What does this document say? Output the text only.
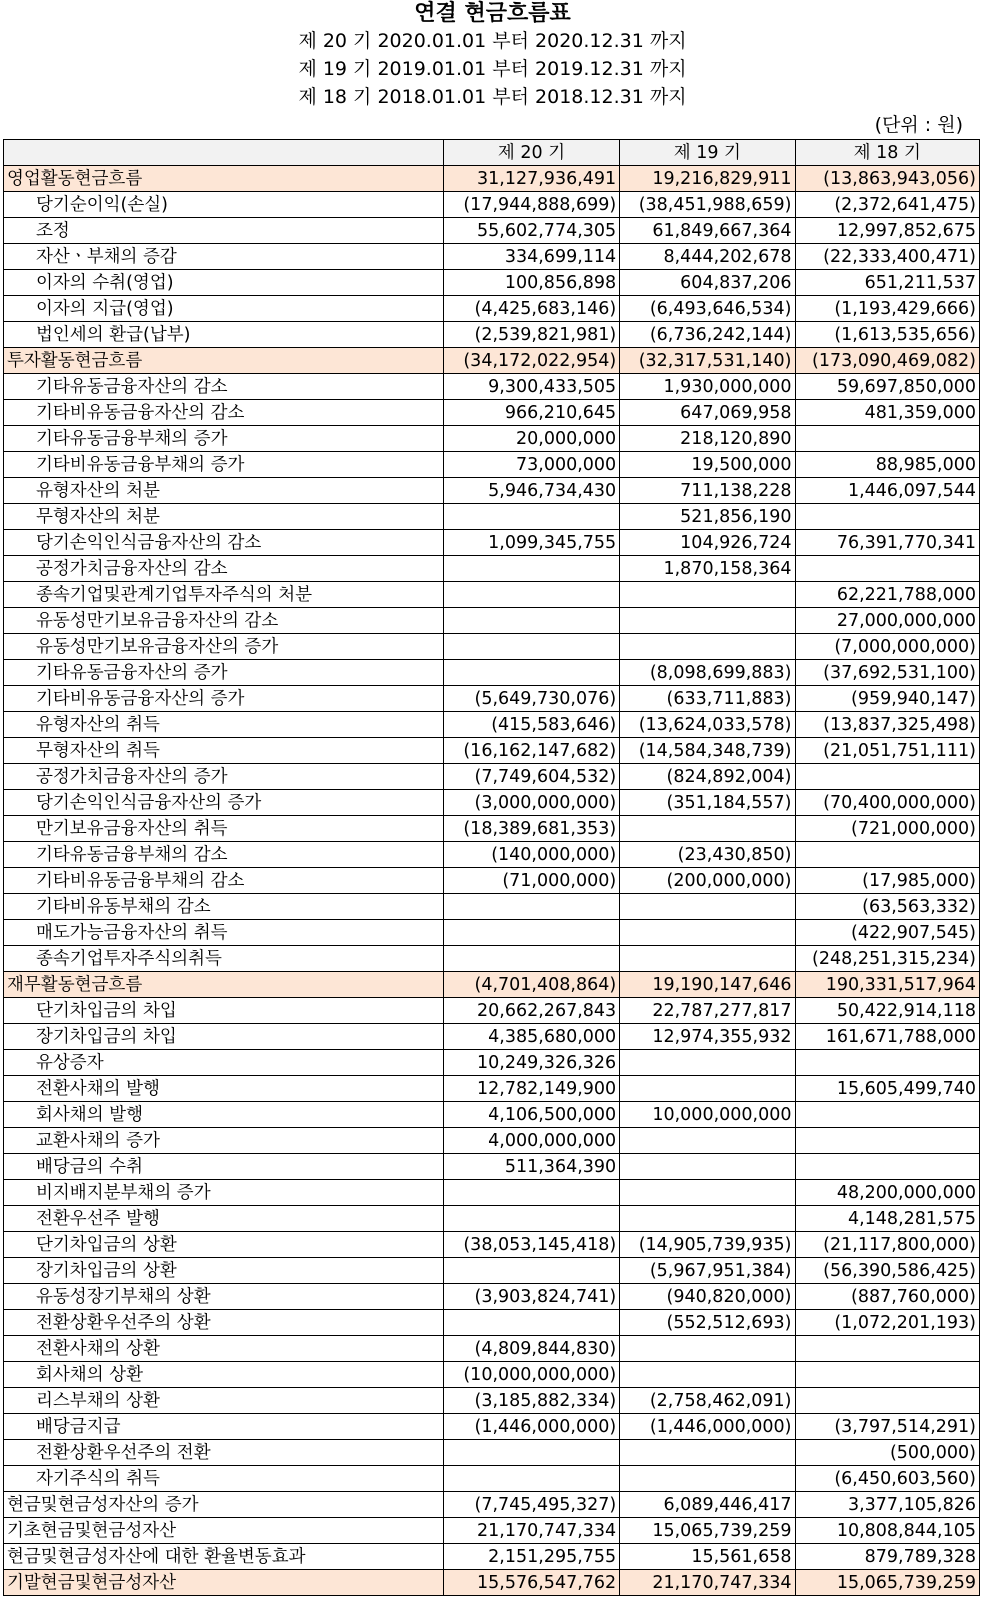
연결 현금흐름표
제 20 기 2020.01.01 부터 2020.12.31 까지
제 19 기 2019.01.01 부터 2019.12.31 까지
제 18 기 2018.01.01 부터 2018.12.31 까지
(단위 : 원)
	제 20 기	제 19 기	제 18 기
영업활동현금흐름	31,127,936,491	19,216,829,911	(13,863,943,056)
당기순이익(손실)	(17,944,888,699)	(38,451,988,659)	(2,372,641,475)
조정	55,602,774,305	61,849,667,364	12,997,852,675
자산ㆍ부채의 증감	334,699,114	8,444,202,678	(22,333,400,471)
이자의 수취(영업)	100,856,898	604,837,206	651,211,537
이자의 지급(영업)	(4,425,683,146)	(6,493,646,534)	(1,193,429,666)
법인세의 환급(납부)	(2,539,821,981)	(6,736,242,144)	(1,613,535,656)
투자활동현금흐름	(34,172,022,954)	(32,317,531,140)	(173,090,469,082)
기타유동금융자산의 감소	9,300,433,505	1,930,000,000	59,697,850,000
기타비유동금융자산의 감소	966,210,645	647,069,958	481,359,000
기타유동금융부채의 증가	20,000,000	218,120,890	
기타비유동금융부채의 증가	73,000,000	19,500,000	88,985,000
유형자산의 처분	5,946,734,430	711,138,228	1,446,097,544
무형자산의 처분		521,856,190	
당기손익인식금융자산의 감소	1,099,345,755	104,926,724	76,391,770,341
공정가치금융자산의 감소		1,870,158,364	
종속기업및관계기업투자주식의 처분			62,221,788,000
유동성만기보유금융자산의 감소			27,000,000,000
유동성만기보유금융자산의 증가			(7,000,000,000)
기타유동금융자산의 증가		(8,098,699,883)	(37,692,531,100)
기타비유동금융자산의 증가	(5,649,730,076)	(633,711,883)	(959,940,147)
유형자산의 취득	(415,583,646)	(13,624,033,578)	(13,837,325,498)
무형자산의 취득	(16,162,147,682)	(14,584,348,739)	(21,051,751,111)
공정가치금융자산의 증가	(7,749,604,532)	(824,892,004)	
당기손익인식금융자산의 증가	(3,000,000,000)	(351,184,557)	(70,400,000,000)
만기보유금융자산의 취득	(18,389,681,353)		(721,000,000)
기타유동금융부채의 감소	(140,000,000)	(23,430,850)	
기타비유동금융부채의 감소	(71,000,000)	(200,000,000)	(17,985,000)
기타비유동부채의 감소			(63,563,332)
매도가능금융자산의 취득			(422,907,545)
종속기업투자주식의취득			(248,251,315,234)
재무활동현금흐름	(4,701,408,864)	19,190,147,646	190,331,517,964
단기차입금의 차입	20,662,267,843	22,787,277,817	50,422,914,118
장기차입금의 차입	4,385,680,000	12,974,355,932	161,671,788,000
유상증자	10,249,326,326		
전환사채의 발행	12,782,149,900		15,605,499,740
회사채의 발행	4,106,500,000	10,000,000,000	
교환사채의 증가	4,000,000,000		
배당금의 수취	511,364,390		
비지배지분부채의 증가			48,200,000,000
전환우선주 발행			4,148,281,575
단기차입금의 상환	(38,053,145,418)	(14,905,739,935)	(21,117,800,000)
장기차입금의 상환		(5,967,951,384)	(56,390,586,425)
유동성장기부채의 상환	(3,903,824,741)	(940,820,000)	(887,760,000)
전환상환우선주의 상환		(552,512,693)	(1,072,201,193)
전환사채의 상환	(4,809,844,830)		
회사채의 상환	(10,000,000,000)		
리스부채의 상환	(3,185,882,334)	(2,758,462,091)	
배당금지급	(1,446,000,000)	(1,446,000,000)	(3,797,514,291)
전환상환우선주의 전환			(500,000)
자기주식의 취득			(6,450,603,560)
현금및현금성자산의 증가	(7,745,495,327)	6,089,446,417	3,377,105,826
기초현금및현금성자산	21,170,747,334	15,065,739,259	10,808,844,105
현금및현금성자산에 대한 환율변동효과	2,151,295,755	15,561,658	879,789,328
기말현금및현금성자산	15,576,547,762	21,170,747,334	15,065,739,259
